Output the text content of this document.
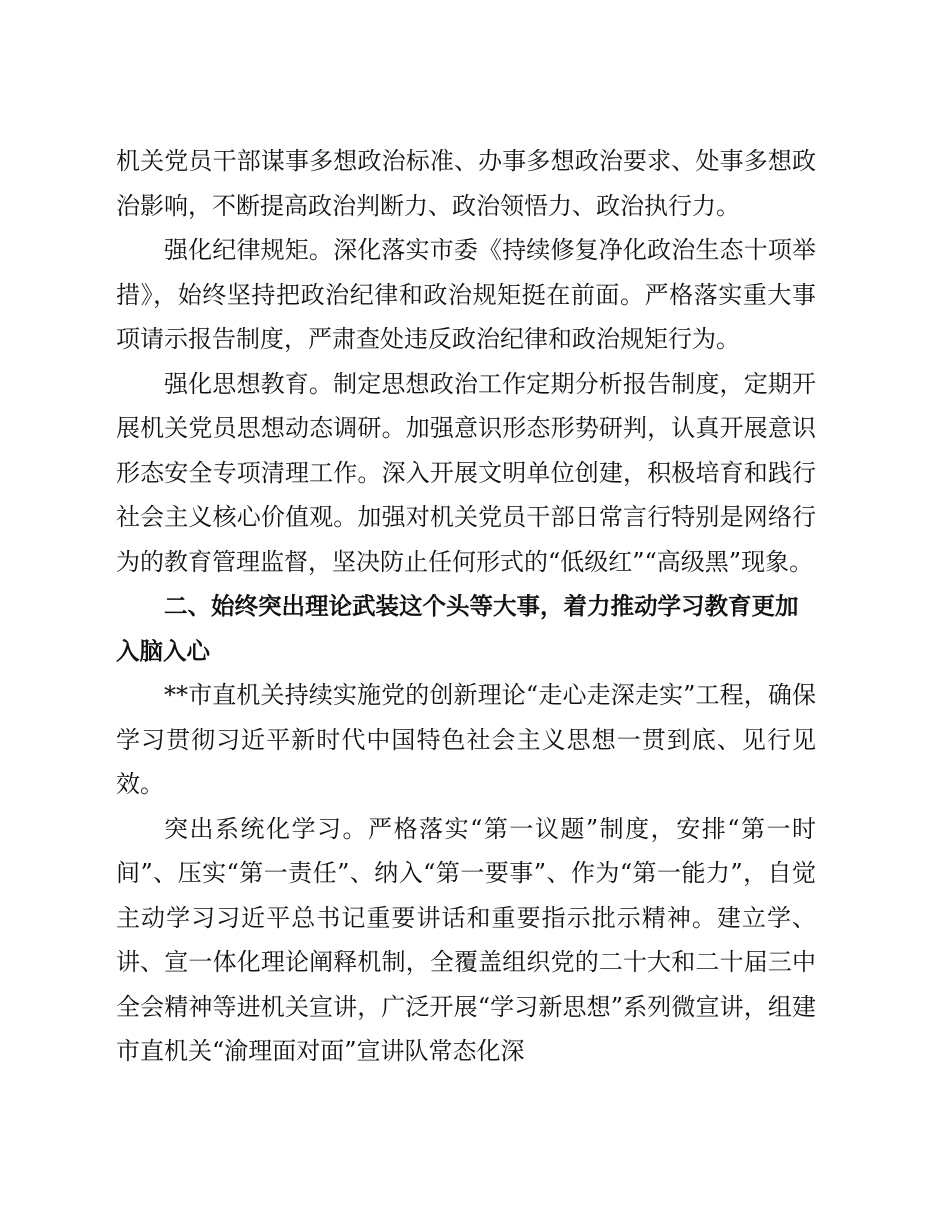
机关党员干部谋事多想政治标准、办事多想政治要求、处事多想政治影响，不断提高政治判断力、政治领悟力、政治执行力。

强化纪律规矩。深化落实市委《持续修复净化政治生态十项举措》，始终坚持把政治纪律和政治规矩挺在前面。严格落实重大事项请示报告制度，严肃查处违反政治纪律和政治规矩行为。

强化思想教育。制定思想政治工作定期分析报告制度，定期开展机关党员思想动态调研。加强意识形态形势研判，认真开展意识形态安全专项清理工作。深入开展文明单位创建，积极培育和践行社会主义核心价值观。加强对机关党员干部日常言行特别是网络行为的教育管理监督，坚决防止任何形式的“低级红”“高级黑”现象。

二、始终突出理论武装这个头等大事，着力推动学习教育更加入脑入心

**市直机关持续实施党的创新理论“走心走深走实”工程，确保学习贯彻习近平新时代中国特色社会主义思想一贯到底、见行见效。

突出系统化学习。严格落实“第一议题”制度，安排“第一时间”、压实“第一责任”、纳入“第一要事”、作为“第一能力”，自觉主动学习习近平总书记重要讲话和重要指示批示精神。建立学、讲、宣一体化理论阐释机制，全覆盖组织党的二十大和二十届三中全会精神等进机关宣讲，广泛开展“学习新思想”系列微宣讲，组建市直机关“渝理面对面”宣讲队常态化深
